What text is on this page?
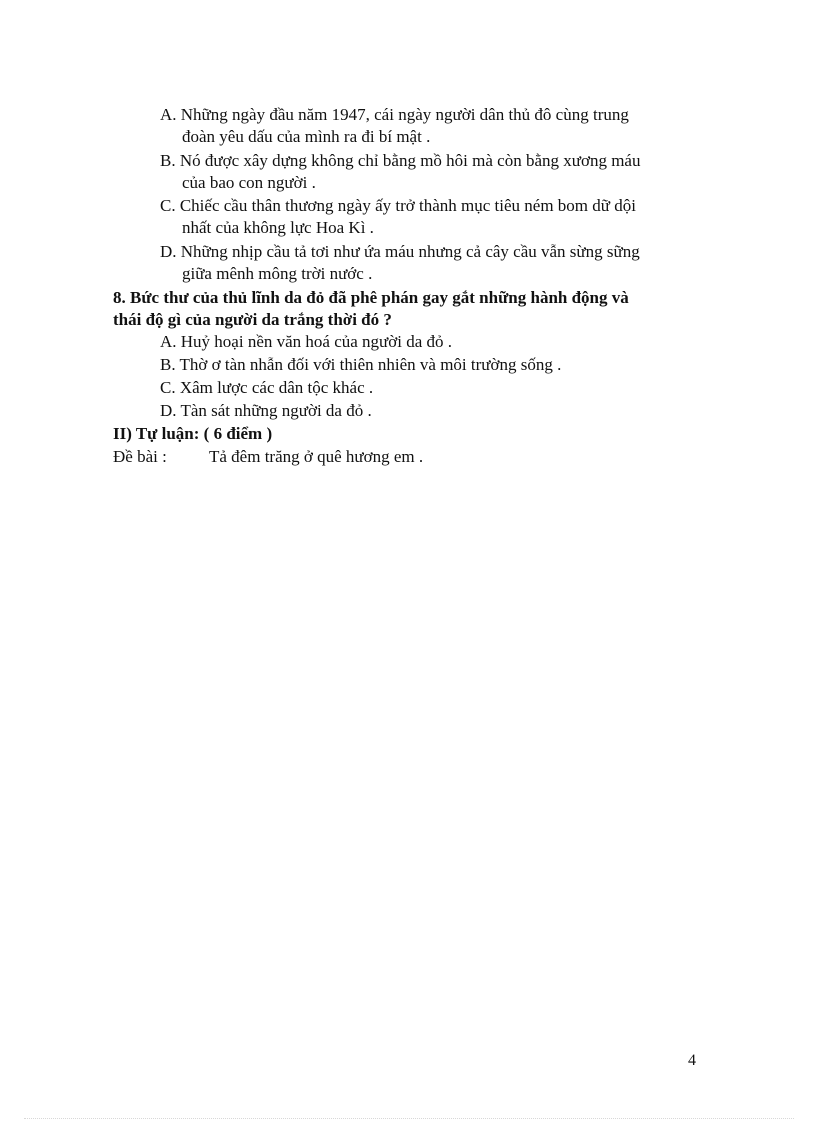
A. Những ngày đầu năm 1947, cái ngày người dân thủ đô cùng trung
đoàn yêu dấu của mình ra đi bí mật .
B. Nó được xây dựng không chỉ bằng mồ hôi mà còn bằng xương máu
của bao con người .
C. Chiếc cầu thân thương ngày ấy trở thành mục tiêu ném bom dữ dội
nhất của không lực Hoa Kì .
D. Những nhịp cầu tả tơi như ứa máu nhưng cả cây cầu vẫn sừng sững
giữa mênh mông trời nước .
8. Bức thư của thủ lĩnh da đỏ đã phê phán gay gắt những hành động và
thái độ gì của người da trắng thời đó ?
A. Huỷ hoại nền văn hoá của người da đỏ .
B. Thờ ơ tàn nhẫn đối với thiên nhiên và môi trường sống .
C. Xâm lược các dân tộc khác .
D. Tàn sát những người da đỏ .
II) Tự luận: ( 6 điểm )
Đề bài : Tả đêm trăng ở quê hương em .
4
